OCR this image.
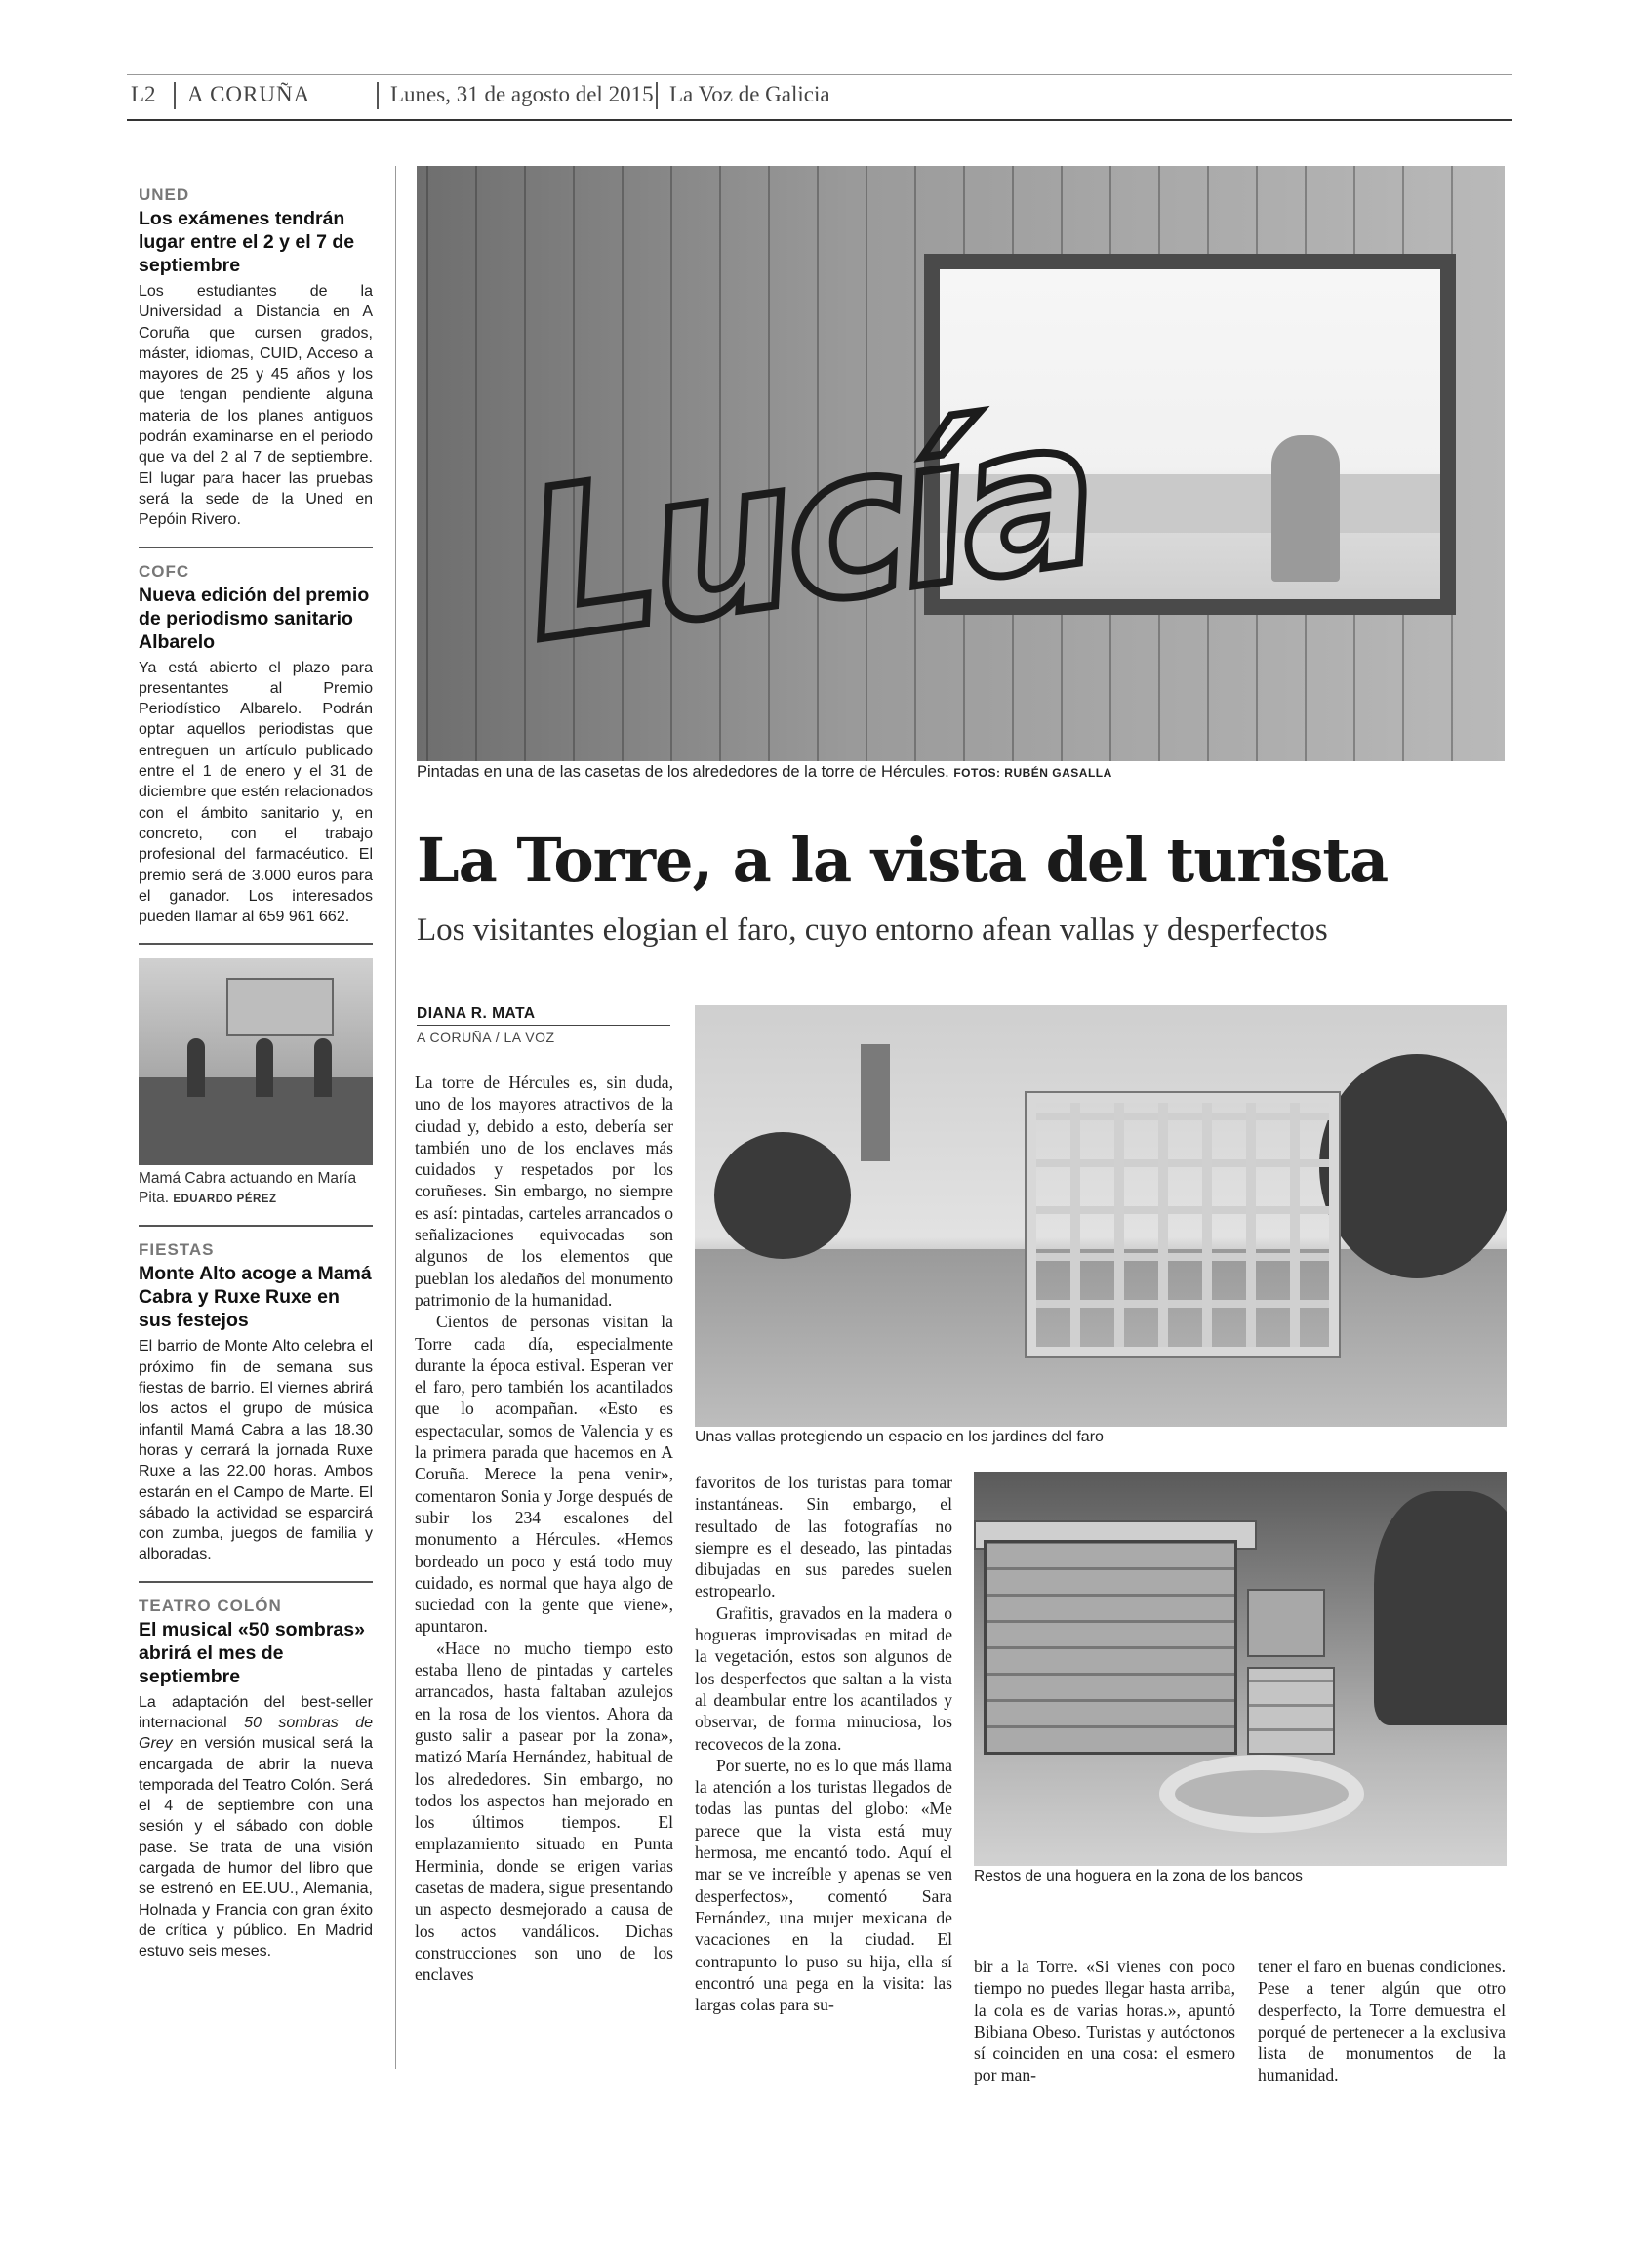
L2 A CORUÑA	Lunes, 31 de agosto del 2015 La Voz de Galicia
UNED
Los exámenes tendrán lugar entre el 2 y el 7 de septiembre
Los estudiantes de la Universidad a Distancia en A Coruña que cursen grados, máster, idiomas, CUID, Acceso a mayores de 25 y 45 años y los que tengan pendiente alguna materia de los planes antiguos podrán examinarse en el periodo que va del 2 al 7 de septiembre. El lugar para hacer las pruebas será la sede de la Uned en Pepóin Rivero.
COFC
Nueva edición del premio de periodismo sanitario Albarelo
Ya está abierto el plazo para presentantes al Premio Periodístico Albarelo. Podrán optar aquellos periodistas que entreguen un artículo publicado entre el 1 de enero y el 31 de diciembre que estén relacionados con el ámbito sanitario y, en concreto, con el trabajo profesional del farmacéutico. El premio será de 3.000 euros para el ganador. Los interesados pueden llamar al 659 961 662.
Mamá Cabra actuando en María Pita. EDUARDO PÉREZ
FIESTAS
Monte Alto acoge a Mamá Cabra y Ruxe Ruxe en sus festejos
El barrio de Monte Alto celebra el próximo fin de semana sus fiestas de barrio. El viernes abrirá los actos el grupo de música infantil Mamá Cabra a las 18.30 horas y cerrará la jornada Ruxe Ruxe a las 22.00 horas. Ambos estarán en el Campo de Marte. El sábado la actividad se esparcirá con zumba, juegos de familia y alboradas.
TEATRO COLÓN
El musical «50 sombras» abrirá el mes de septiembre
La adaptación del best-seller internacional 50 sombras de Grey en versión musical será la encargada de abrir la nueva temporada del Teatro Colón. Será el 4 de septiembre con una sesión y el sábado con doble pase. Se trata de una visión cargada de humor del libro que se estrenó en EE.UU., Alemania, Holnada y Francia con gran éxito de crítica y público. En Madrid estuvo seis meses.
Lucía
Pintadas en una de las casetas de los alrededores de la torre de Hércules. FOTOS: RUBÉN GASALLA
La Torre, a la vista del turista
Los visitantes elogian el faro, cuyo entorno afean vallas y desperfectos
DIANA R. MATA
A CORUÑA / LA VOZ
Unas vallas protegiendo un espacio en los jardines del faro
Restos de una hoguera en la zona de los bancos

La torre de Hércules es, sin duda, uno de los mayores atractivos de la ciudad y, debido a esto, debería ser también uno de los enclaves más cuidados y respetados por los coruñeses. Sin embargo, no siempre es así: pintadas, carteles arrancados o señalizaciones equivocadas son algunos de los elementos que pueblan los aledaños del monumento patrimonio de la humanidad.

Cientos de personas visitan la Torre cada día, especialmente durante la época estival. Esperan ver el faro, pero también los acantilados que lo acompañan. «Esto es espectacular, somos de Valencia y es la primera parada que hacemos en A Coruña. Merece la pena venir», comentaron Sonia y Jorge después de subir los 234 escalones del monumento a Hércules. «Hemos bordeado un poco y está todo muy cuidado, es normal que haya algo de suciedad con la gente que viene», apuntaron.

«Hace no mucho tiempo esto estaba lleno de pintadas y carteles arrancados, hasta faltaban azulejos en la rosa de los vientos. Ahora da gusto salir a pasear por la zona», matizó María Hernández, habitual de los alrededores. Sin embargo, no todos los aspectos han mejorado en los últimos tiempos. El emplazamiento situado en Punta Herminia, donde se erigen varias casetas de madera, sigue presentando un aspecto desmejorado a causa de los actos vandálicos. Dichas construcciones son uno de los enclaves

favoritos de los turistas para tomar instantáneas. Sin embargo, el resultado de las fotografías no siempre es el deseado, las pintadas dibujadas en sus paredes suelen estropearlo.

Grafitis, gravados en la madera o hogueras improvisadas en mitad de la vegetación, estos son algunos de los desperfectos que saltan a la vista al deambular entre los acantilados y observar, de forma minuciosa, los recovecos de la zona.

Por suerte, no es lo que más llama la atención a los turistas llegados de todas las puntas del globo: «Me parece que la vista está muy hermosa, me encantó todo. Aquí el mar se ve increíble y apenas se ven desperfectos», comentó Sara Fernández, una mujer mexicana de vacaciones en la ciudad. El contrapunto lo puso su hija, ella sí encontró una pega en la visita: las largas colas para su-

bir a la Torre. «Si vienes con poco tiempo no puedes llegar hasta arriba, la cola es de varias horas.», apuntó Bibiana Obeso. Turistas y autóctonos sí coinciden en una cosa: el esmero por man-

tener el faro en buenas condiciones. Pese a tener algún que otro desperfecto, la Torre demuestra el porqué de pertenecer a la exclusiva lista de monumentos de la humanidad.
